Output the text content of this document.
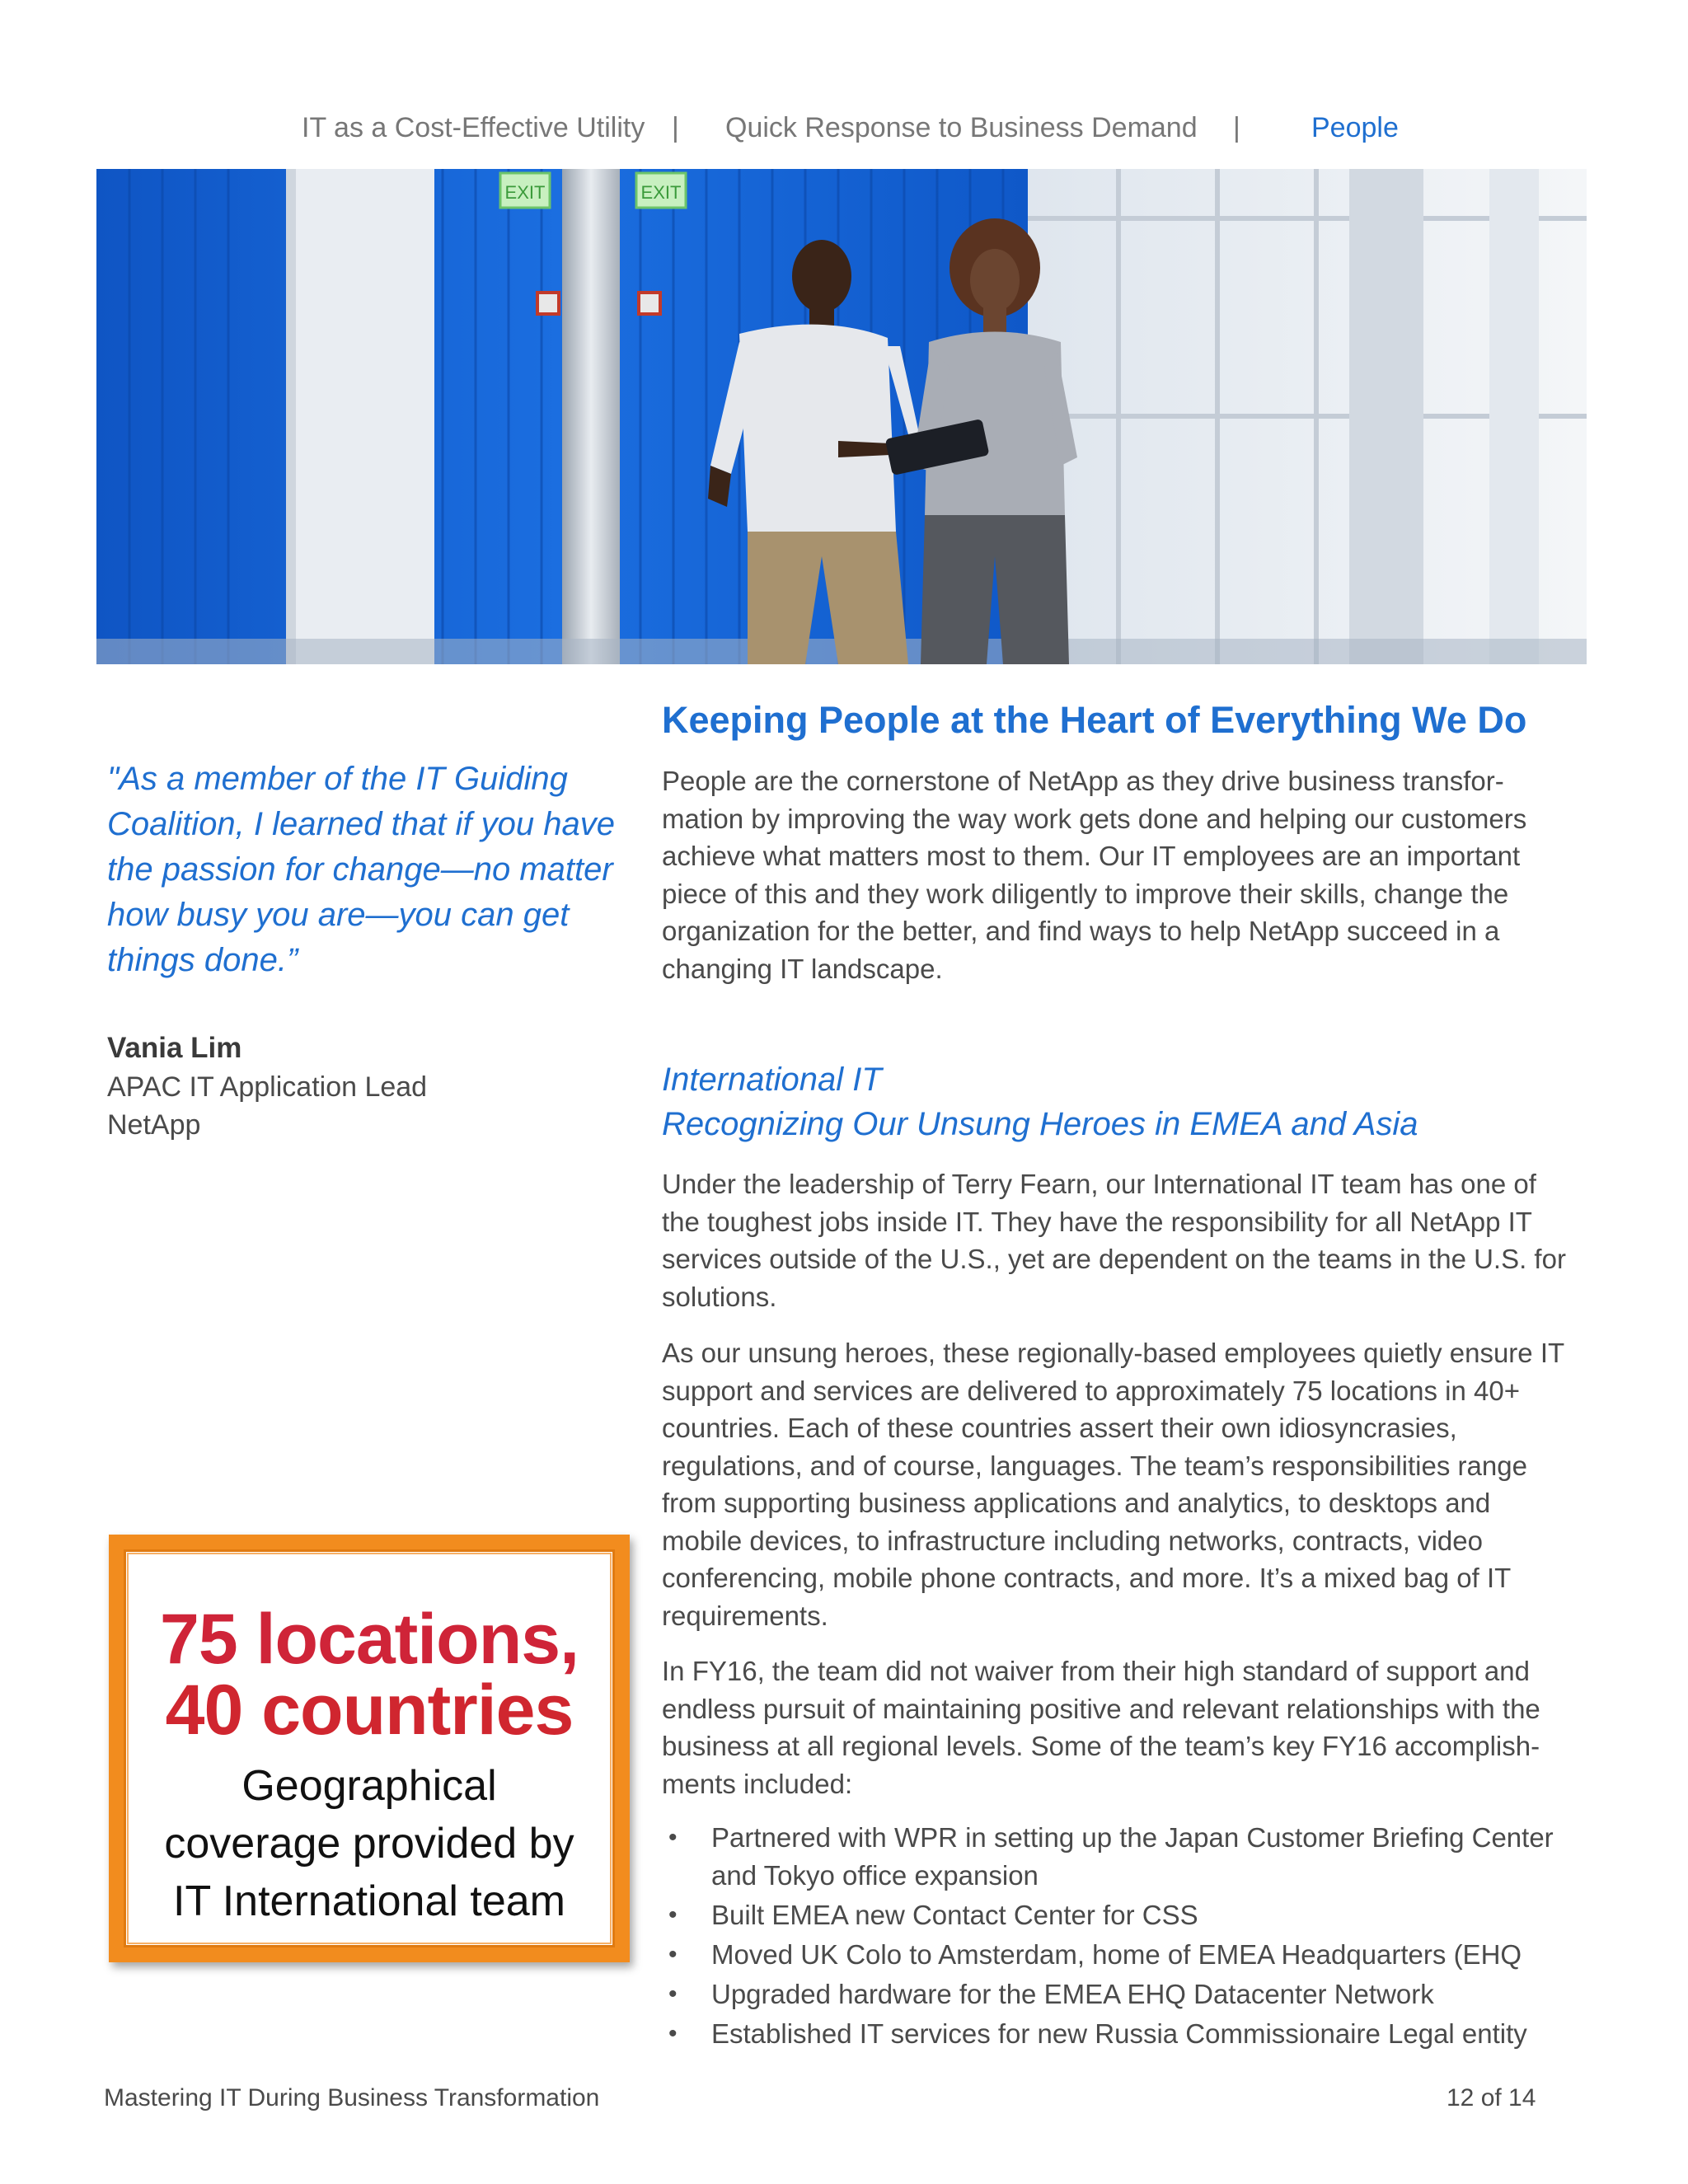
IT as a Cost-Effective Utility | Quick Response to Business Demand |	People
EXIT	EXIT
"As a member of the IT Guiding Coalition, I learned that if you have the passion for change—no matter how busy you are—you can get things done.”
Vania Lim
APAC IT Application Lead
NetApp
75 locations,
40 countries
Geographical
coverage provided by
IT International team
Keeping People at the Heart of Everything We Do

People are the cornerstone of NetApp as they drive business transfor-mation by improving the way work gets done and helping our customers achieve what matters most to them. Our IT employees are an important piece of this and they work diligently to improve their skills, change the organization for the better, and find ways to help NetApp succeed in a changing IT landscape.

International IT
Recognizing Our Unsung Heroes in EMEA and Asia

Under the leadership of Terry Fearn, our International IT team has one of the toughest jobs inside IT. They have the responsibility for all NetApp IT services outside of the U.S., yet are dependent on the teams in the U.S. for solutions.

As our unsung heroes, these regionally-based employees quietly ensure IT support and services are delivered to approximately 75 locations in 40+ countries. Each of these countries assert their own idiosyncrasies, regulations, and of course, languages. The team’s responsibilities range from supporting business applications and analytics, to desktops and mobile devices, to infrastructure including networks, contracts, video conferencing, mobile phone contracts, and more. It’s a mixed bag of IT requirements.

In FY16, the team did not waiver from their high standard of support and endless pursuit of maintaining positive and relevant relationships with the business at all regional levels. Some of the team’s key FY16 accomplish-ments included:

• Partnered with WPR in setting up the Japan Customer Briefing Center and Tokyo office expansion
• Built EMEA new Contact Center for CSS
• Moved UK Colo to Amsterdam, home of EMEA Headquarters (EHQ
• Upgraded hardware for the EMEA EHQ Datacenter Network
• Established IT services for new Russia Commissionaire Legal entity
Mastering IT During Business Transformation	12 of 14
